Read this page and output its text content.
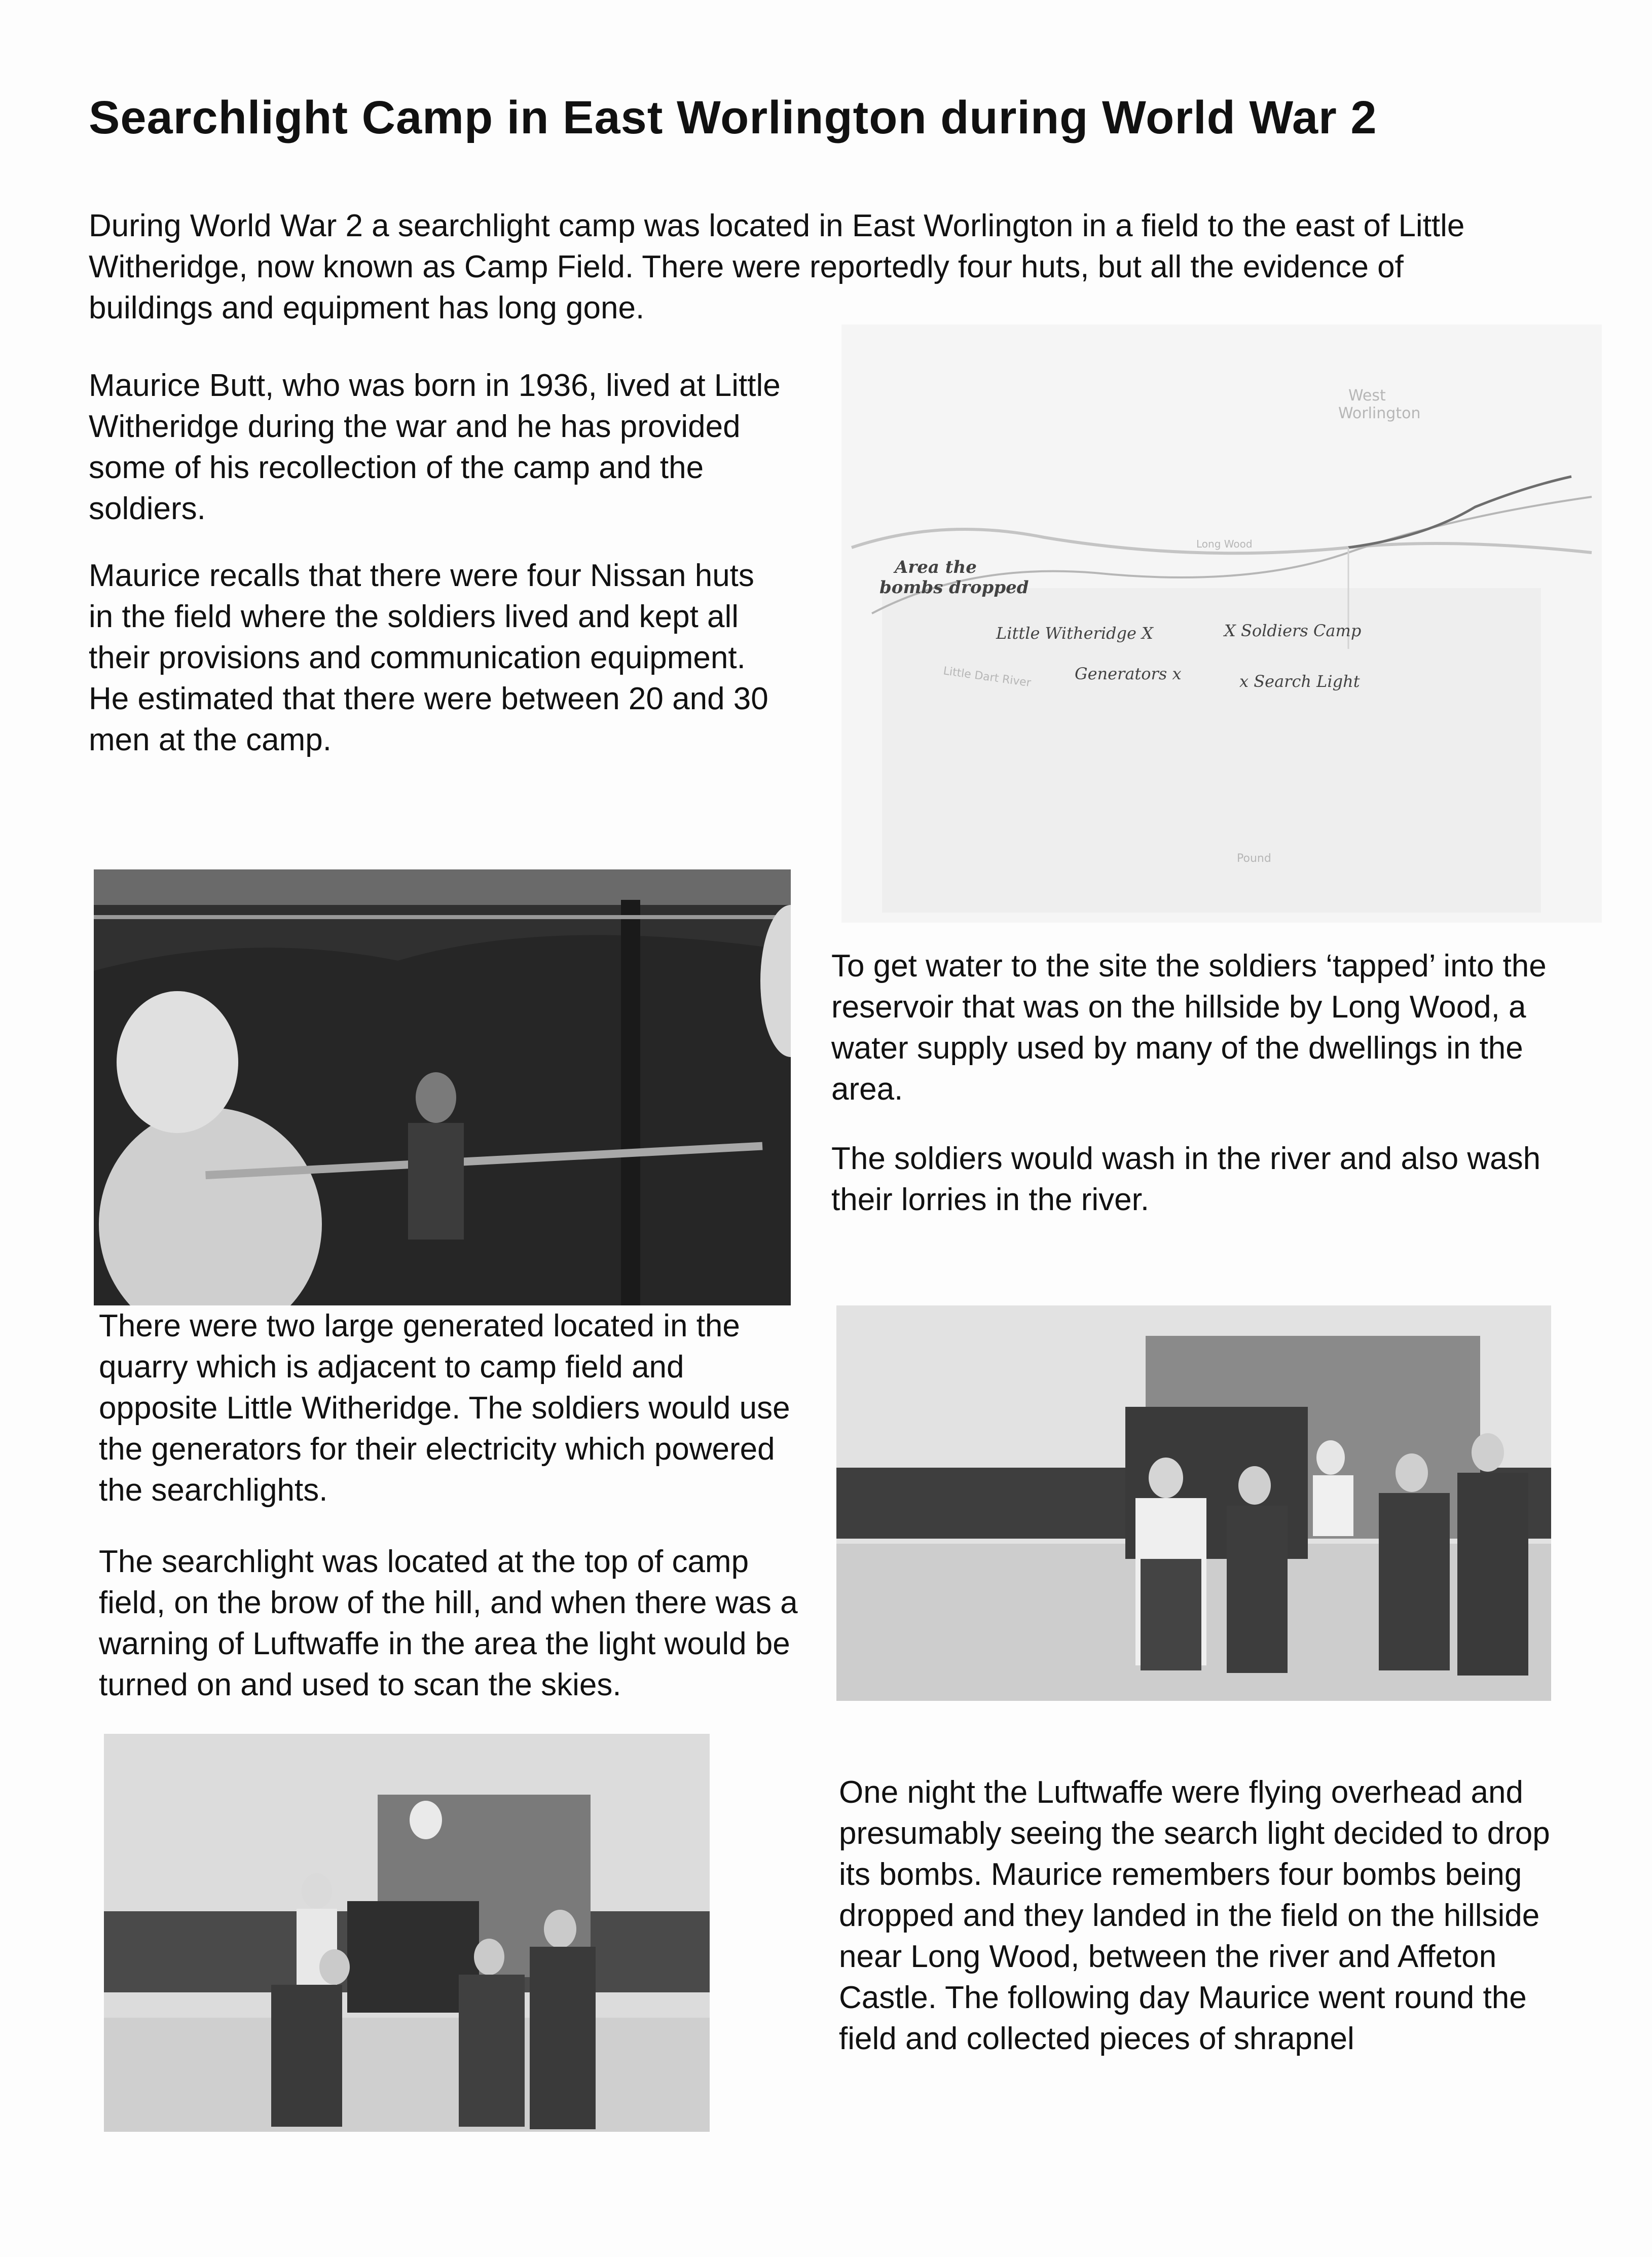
Searchlight Camp in East Worlington during World War 2

During World War 2 a searchlight camp was located in East Worlington in a field to the east of Little Witheridge, now known as Camp Field. There were reportedly four huts, but all the evidence of buildings and equipment has long gone.

Maurice Butt, who was born in 1936, lived at Little Witheridge during the war and he has provided some of his recollection of the camp and the soldiers.

Maurice recalls that there were four Nissan huts in the field where the soldiers lived and kept all their provisions and communication equipment. He estimated that there were between 20 and 30 men at the camp.

West
Worlington
Long Wood
Little Dart River
Pound
Area the
bombs dropped
Little Witheridge X	X Soldiers Camp
Generators x	x Search Light

There were two large generated located in the quarry which is adjacent to camp field and opposite Little Witheridge. The soldiers would use the generators for their electricity which powered the searchlights.

The searchlight was located at the top of camp field, on the brow of the hill, and when there was a warning of Luftwaffe in the area the light would be turned on and used to scan the skies.

To get water to the site the soldiers ‘tapped’ into the reservoir that was on the hillside by Long Wood, a water supply used by many of the dwellings in the area.

The soldiers would wash in the river and also wash their lorries in the river.

One night the Luftwaffe were flying overhead and presumably seeing the search light decided to drop its bombs. Maurice remembers four bombs being dropped and they landed in the field on the hillside near Long Wood, between the river and Affeton Castle. The following day Maurice went round the field and collected pieces of shrapnel
